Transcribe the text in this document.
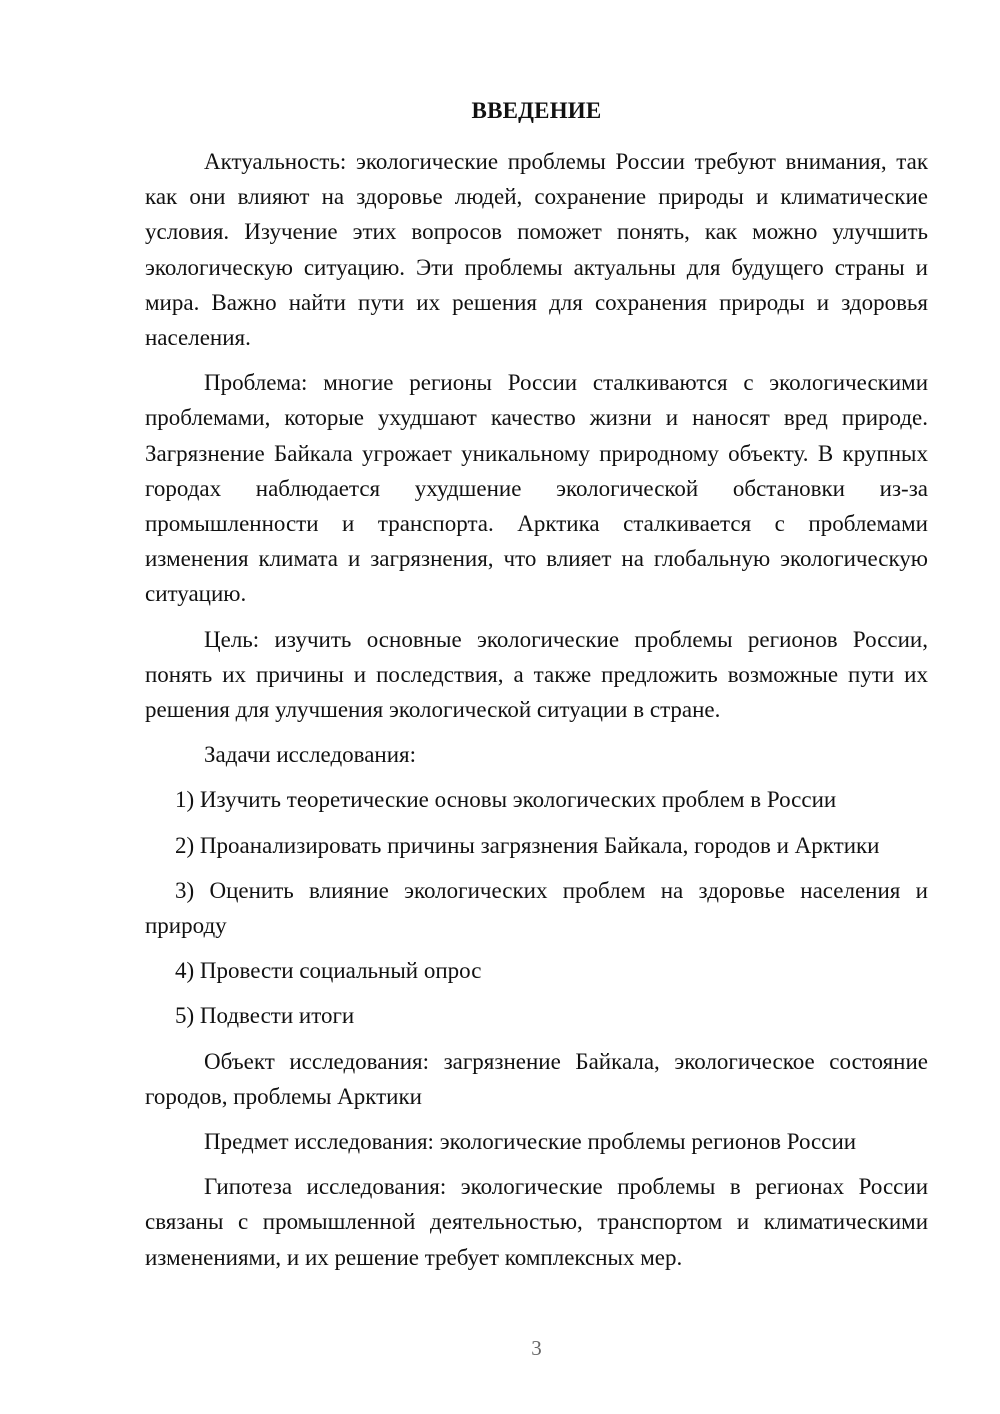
ВВЕДЕНИЕ

Актуальность: экологические проблемы России требуют внимания, так как они влияют на здоровье людей, сохранение природы и климатические условия. Изучение этих вопросов поможет понять, как можно улучшить экологическую ситуацию. Эти проблемы актуальны для будущего страны и мира. Важно найти пути их решения для сохранения природы и здоровья населения.

Проблема: многие регионы России сталкиваются с экологическими проблемами, которые ухудшают качество жизни и наносят вред природе. Загрязнение Байкала угрожает уникальному природному объекту. В крупных городах наблюдается ухудшение экологической обстановки из-за промышленности и транспорта. Арктика сталкивается с проблемами изменения климата и загрязнения, что влияет на глобальную экологическую ситуацию.

Цель: изучить основные экологические проблемы регионов России, понять их причины и последствия, а также предложить возможные пути их решения для улучшения экологической ситуации в стране.

Задачи исследования:

1) Изучить теоретические основы экологических проблем в России

2) Проанализировать причины загрязнения Байкала, городов и Арктики

3) Оценить влияние экологических проблем на здоровье населения и природу

4) Провести социальный опрос

5) Подвести итоги

Объект исследования: загрязнение Байкала, экологическое состояние городов, проблемы Арктики

Предмет исследования: экологические проблемы регионов России

Гипотеза исследования: экологические проблемы в регионах России связаны с промышленной деятельностью, транспортом и климатическими изменениями, и их решение требует комплексных мер.

3
